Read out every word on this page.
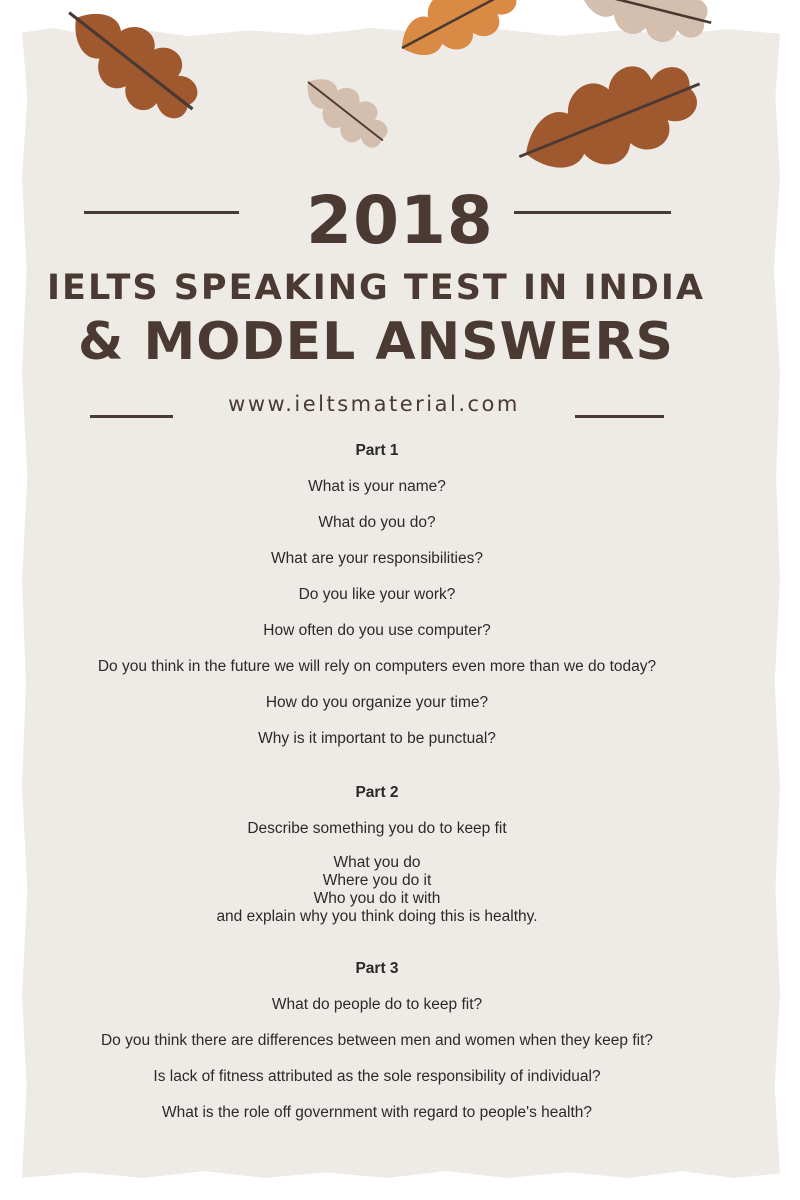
2018
IELTS SPEAKING TEST IN INDIA
& MODEL ANSWERS
www.ieltsmaterial.com
Part 1
What is your name?
What do you do?
What are your responsibilities?
Do you like your work?
How often do you use computer?
Do you think in the future we will rely on computers even more than we do today?
How do you organize your time?
Why is it important to be punctual?
Part 2
Describe something you do to keep fit
What you do
Where you do it
Who you do it with
and explain why you think doing this is healthy.
Part 3
What do people do to keep fit?
Do you think there are differences between men and women when they keep fit?
Is lack of fitness attributed as the sole responsibility of individual?
What is the role off government with regard to people's health?
